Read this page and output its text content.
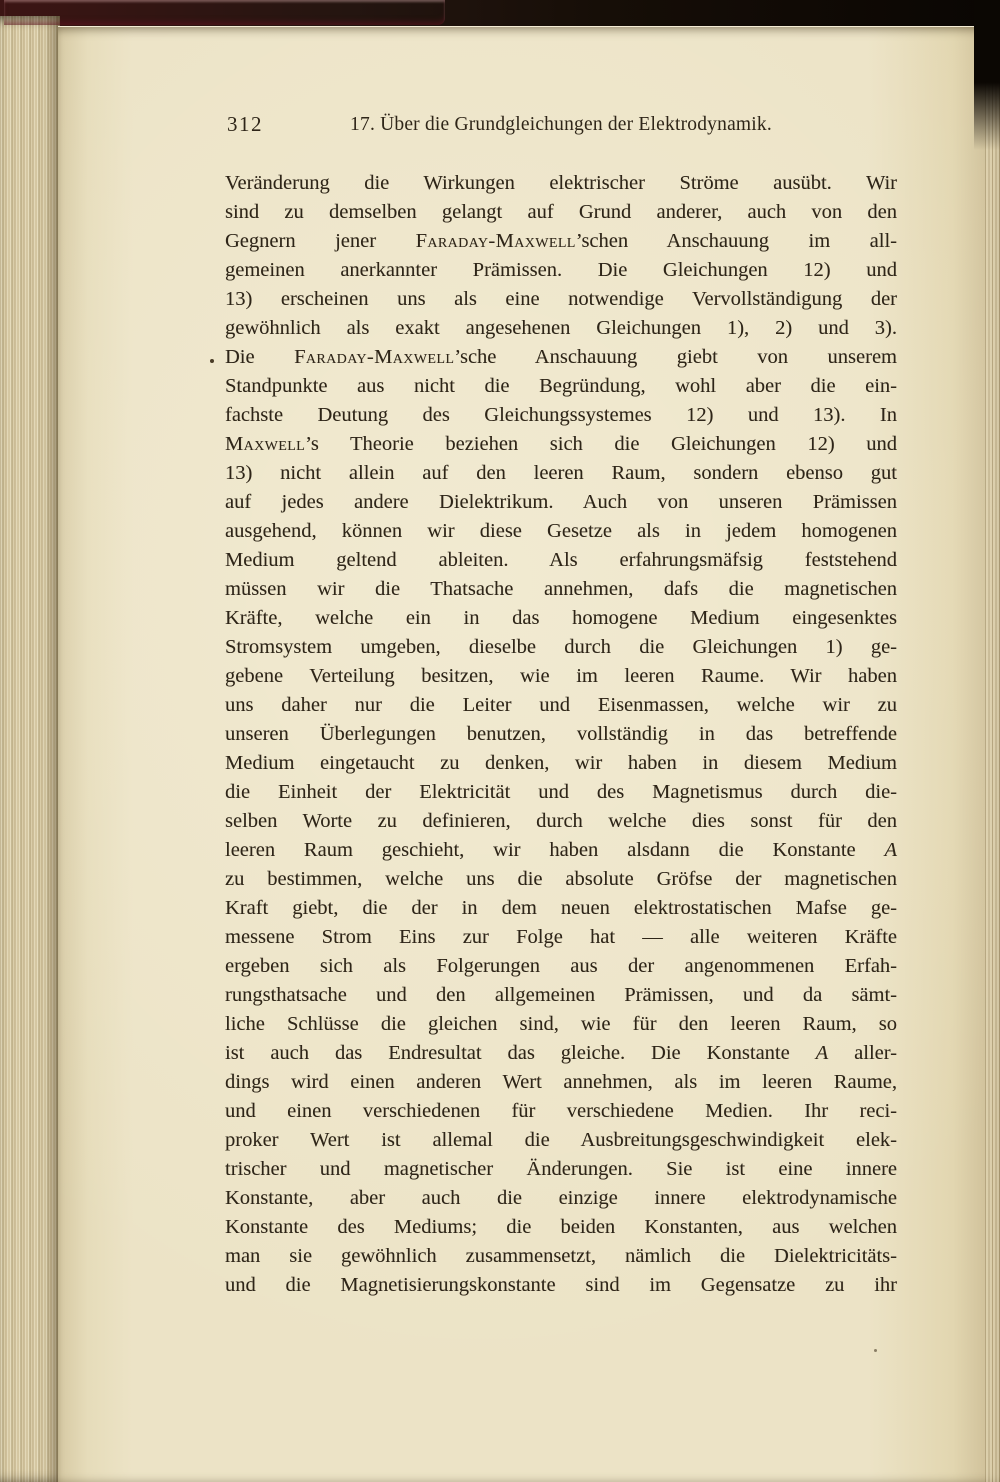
312	17. Über die Grundgleichungen der Elektrodynamik.
Veränderung die Wirkungen elektrischer Ströme ausübt. Wir
sind zu demselben gelangt auf Grund anderer, auch von den
Gegnern jener Faraday-Maxwell’schen Anschauung im all-
gemeinen anerkannter Prämissen. Die Gleichungen 12) und
13) erscheinen uns als eine notwendige Vervollständigung der
gewöhnlich als exakt angesehenen Gleichungen 1), 2) und 3).
Die Faraday-Maxwell’sche Anschauung giebt von unserem
Standpunkte aus nicht die Begründung, wohl aber die ein-
fachste Deutung des Gleichungssystemes 12) und 13). In
Maxwell’s Theorie beziehen sich die Gleichungen 12) und
13) nicht allein auf den leeren Raum, sondern ebenso gut
auf jedes andere Dielektrikum. Auch von unseren Prämissen
ausgehend, können wir diese Gesetze als in jedem homogenen
Medium geltend ableiten. Als erfahrungsmäfsig feststehend
müssen wir die Thatsache annehmen, dafs die magnetischen
Kräfte, welche ein in das homogene Medium eingesenktes
Stromsystem umgeben, dieselbe durch die Gleichungen 1) ge-
gebene Verteilung besitzen, wie im leeren Raume. Wir haben
uns daher nur die Leiter und Eisenmassen, welche wir zu
unseren Überlegungen benutzen, vollständig in das betreffende
Medium eingetaucht zu denken, wir haben in diesem Medium
die Einheit der Elektricität und des Magnetismus durch die-
selben Worte zu definieren, durch welche dies sonst für den
leeren Raum geschieht, wir haben alsdann die Konstante A
zu bestimmen, welche uns die absolute Gröfse der magnetischen
Kraft giebt, die der in dem neuen elektrostatischen Mafse ge-
messene Strom Eins zur Folge hat — alle weiteren Kräfte
ergeben sich als Folgerungen aus der angenommenen Erfah-
rungsthatsache und den allgemeinen Prämissen, und da sämt-
liche Schlüsse die gleichen sind, wie für den leeren Raum, so
ist auch das Endresultat das gleiche. Die Konstante A aller-
dings wird einen anderen Wert annehmen, als im leeren Raume,
und einen verschiedenen für verschiedene Medien. Ihr reci-
proker Wert ist allemal die Ausbreitungsgeschwindigkeit elek-
trischer und magnetischer Änderungen. Sie ist eine innere
Konstante, aber auch die einzige innere elektrodynamische
Konstante des Mediums; die beiden Konstanten, aus welchen
man sie gewöhnlich zusammensetzt, nämlich die Dielektricitäts-
und die Magnetisierungskonstante sind im Gegensatze zu ihr
